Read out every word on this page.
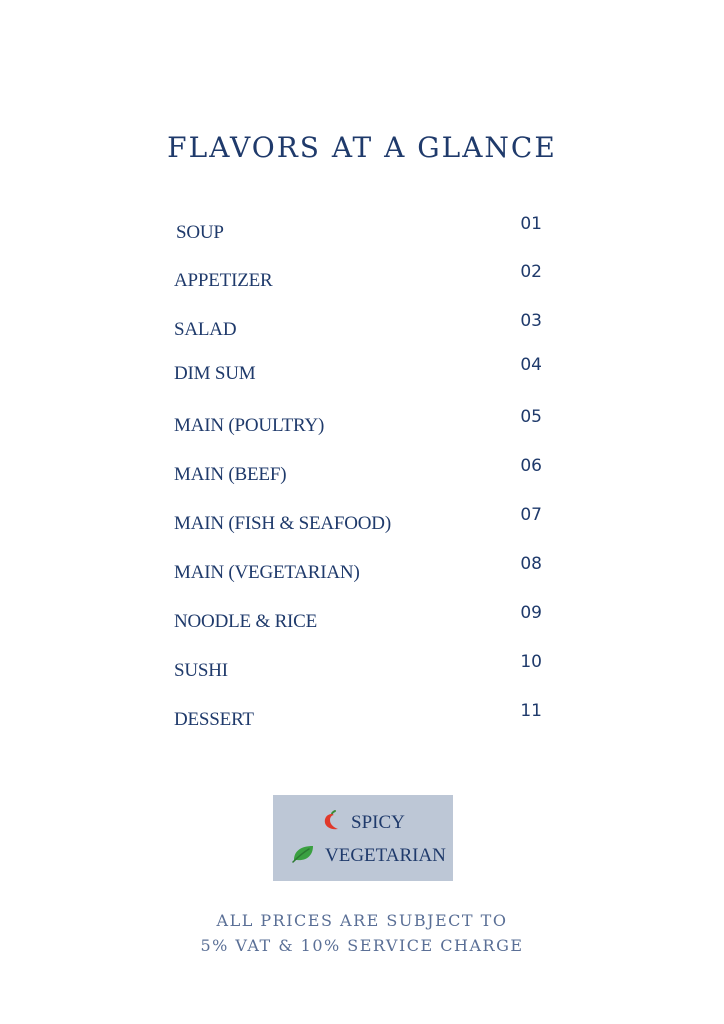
FLAVORS AT A GLANCE
SOUP	01
APPETIZER	02
SALAD	03
DIM SUM	04
MAIN (POULTRY)	05
MAIN (BEEF)	06
MAIN (FISH & SEAFOOD)	07
MAIN (VEGETARIAN)	08
NOODLE & RICE	09
SUSHI	10
DESSERT	11
SPICY
VEGETARIAN
ALL PRICES ARE SUBJECT TO
5% VAT & 10% SERVICE CHARGE
